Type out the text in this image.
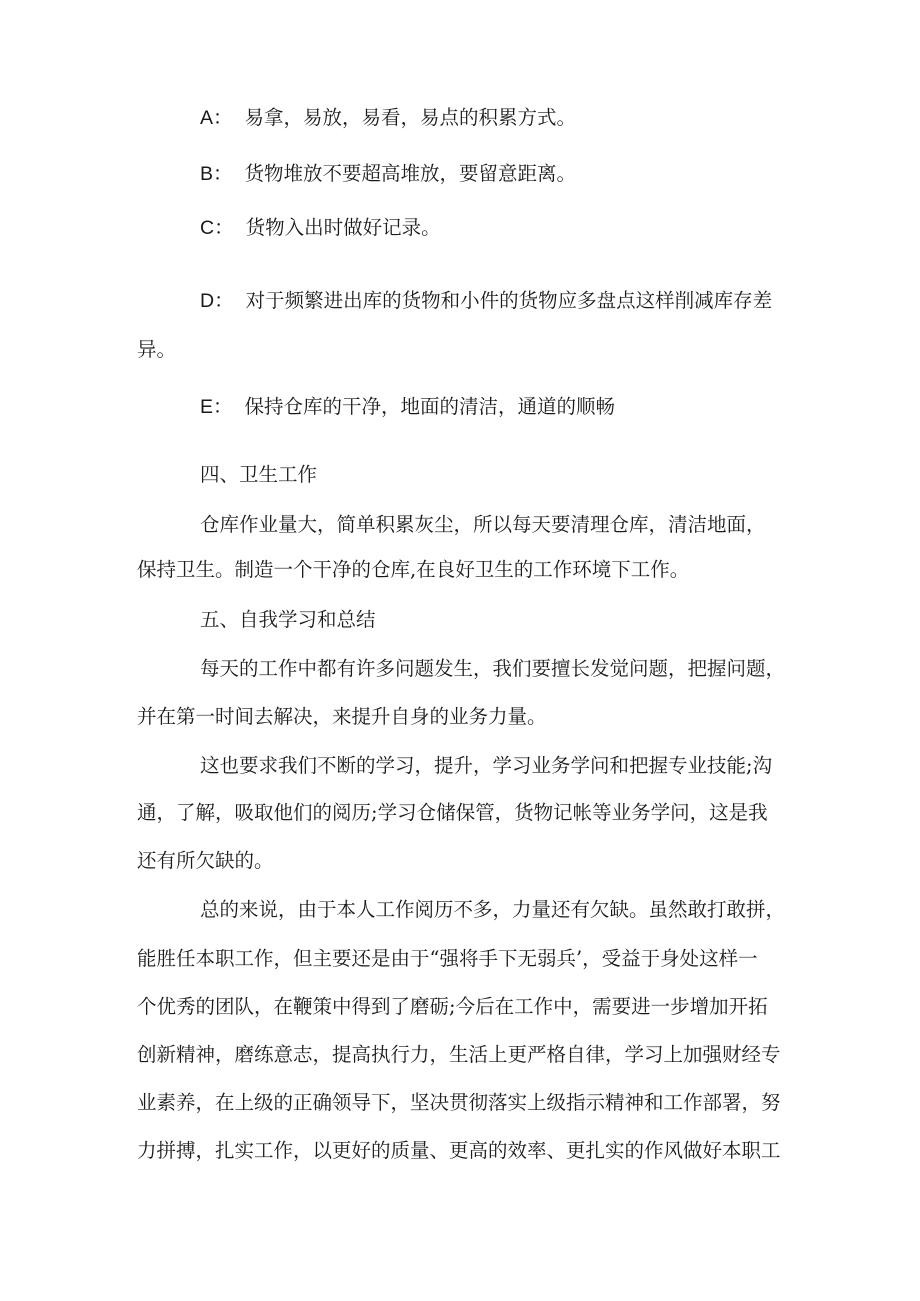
A： 易拿，易放，易看，易点的积累方式。

B： 货物堆放不要超高堆放，要留意距离。

C： 货物入出时做好记录。

D： 对于频繁进出库的货物和小件的货物应多盘点这样削减库存差

异。

E： 保持仓库的干净，地面的清洁，通道的顺畅

四、卫生工作

仓库作业量大，简单积累灰尘，所以每天要清理仓库，清洁地面，

保持卫生。制造一个干净的仓库,在良好卫生的工作环境下工作。

五、自我学习和总结

每天的工作中都有许多问题发生，我们要擅长发觉问题，把握问题，

并在第一时间去解决，来提升自身的业务力量。

这也要求我们不断的学习，提升，学习业务学问和把握专业技能;沟

通，了解，吸取他们的阅历;学习仓储保管，货物记帐等业务学问，这是我

还有所欠缺的。

总的来说，由于本人工作阅历不多，力量还有欠缺。虽然敢打敢拼，

能胜任本职工作，但主要还是由于“强将手下无弱兵’，受益于身处这样一

个优秀的团队，在鞭策中得到了磨砺;今后在工作中，需要进一步增加开拓

创新精神，磨练意志，提高执行力，生活上更严格自律，学习上加强财经专

业素养，在上级的正确领导下，坚决贯彻落实上级指示精神和工作部署，努

力拼搏，扎实工作，以更好的质量、更高的效率、更扎实的作风做好本职工
